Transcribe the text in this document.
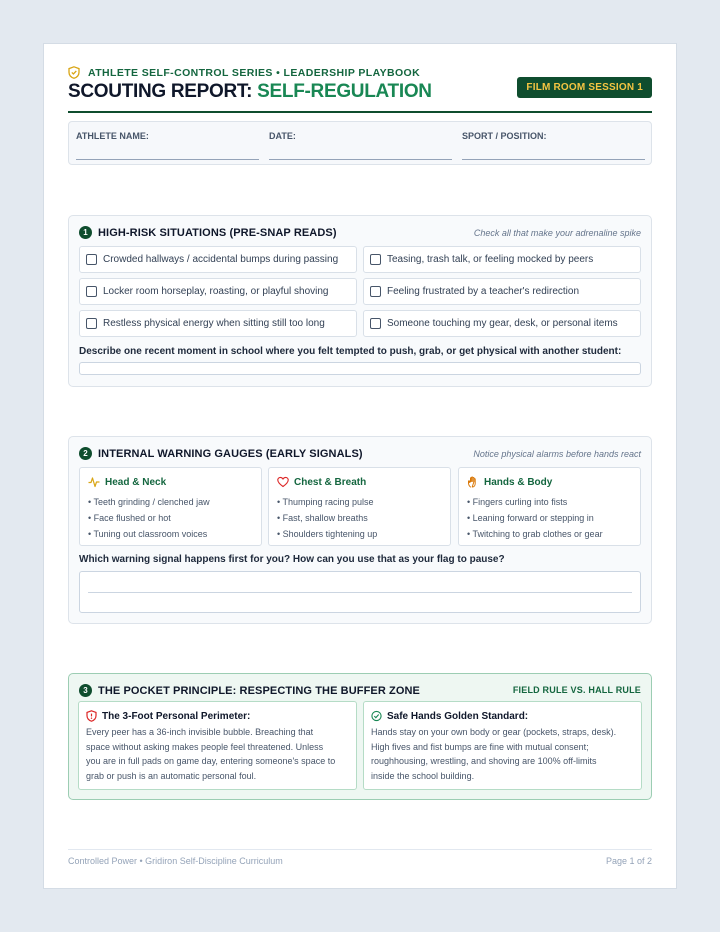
ATHLETE SELF-CONTROL SERIES • LEADERSHIP PLAYBOOK
SCOUTING REPORT: SELF-REGULATION	FILM ROOM SESSION 1
ATHLETE NAME:	DATE:	SPORT / POSITION:
1 HIGH-RISK SITUATIONS (PRE-SNAP READS)	Check all that make your adrenaline spike
Crowded hallways / accidental bumps during passing	Teasing, trash talk, or feeling mocked by peers
Locker room horseplay, roasting, or playful shoving	Feeling frustrated by a teacher's redirection
Restless physical energy when sitting still too long	Someone touching my gear, desk, or personal items
Describe one recent moment in school where you felt tempted to push, grab, or get physical with another student:
2 INTERNAL WARNING GAUGES (EARLY SIGNALS)	Notice physical alarms before hands react
Head & Neck
• Teeth grinding / clenched jaw
• Face flushed or hot
• Tuning out classroom voices
Chest & Breath
• Thumping racing pulse
• Fast, shallow breaths
• Shoulders tightening up
Hands & Body
• Fingers curling into fists
• Leaning forward or stepping in
• Twitching to grab clothes or gear
Which warning signal happens first for you? How can you use that as your flag to pause?
3 THE POCKET PRINCIPLE: RESPECTING THE BUFFER ZONE	FIELD RULE VS. HALL RULE
The 3-Foot Personal Perimeter:
Every peer has a 36-inch invisible bubble. Breaching that
space without asking makes people feel threatened. Unless
you are in full pads on game day, entering someone's space to
grab or push is an automatic personal foul.
Safe Hands Golden Standard:
Hands stay on your own body or gear (pockets, straps, desk).
High fives and fist bumps are fine with mutual consent;
roughhousing, wrestling, and shoving are 100% off-limits
inside the school building.
Controlled Power • Gridiron Self-Discipline Curriculum	Page 1 of 2
